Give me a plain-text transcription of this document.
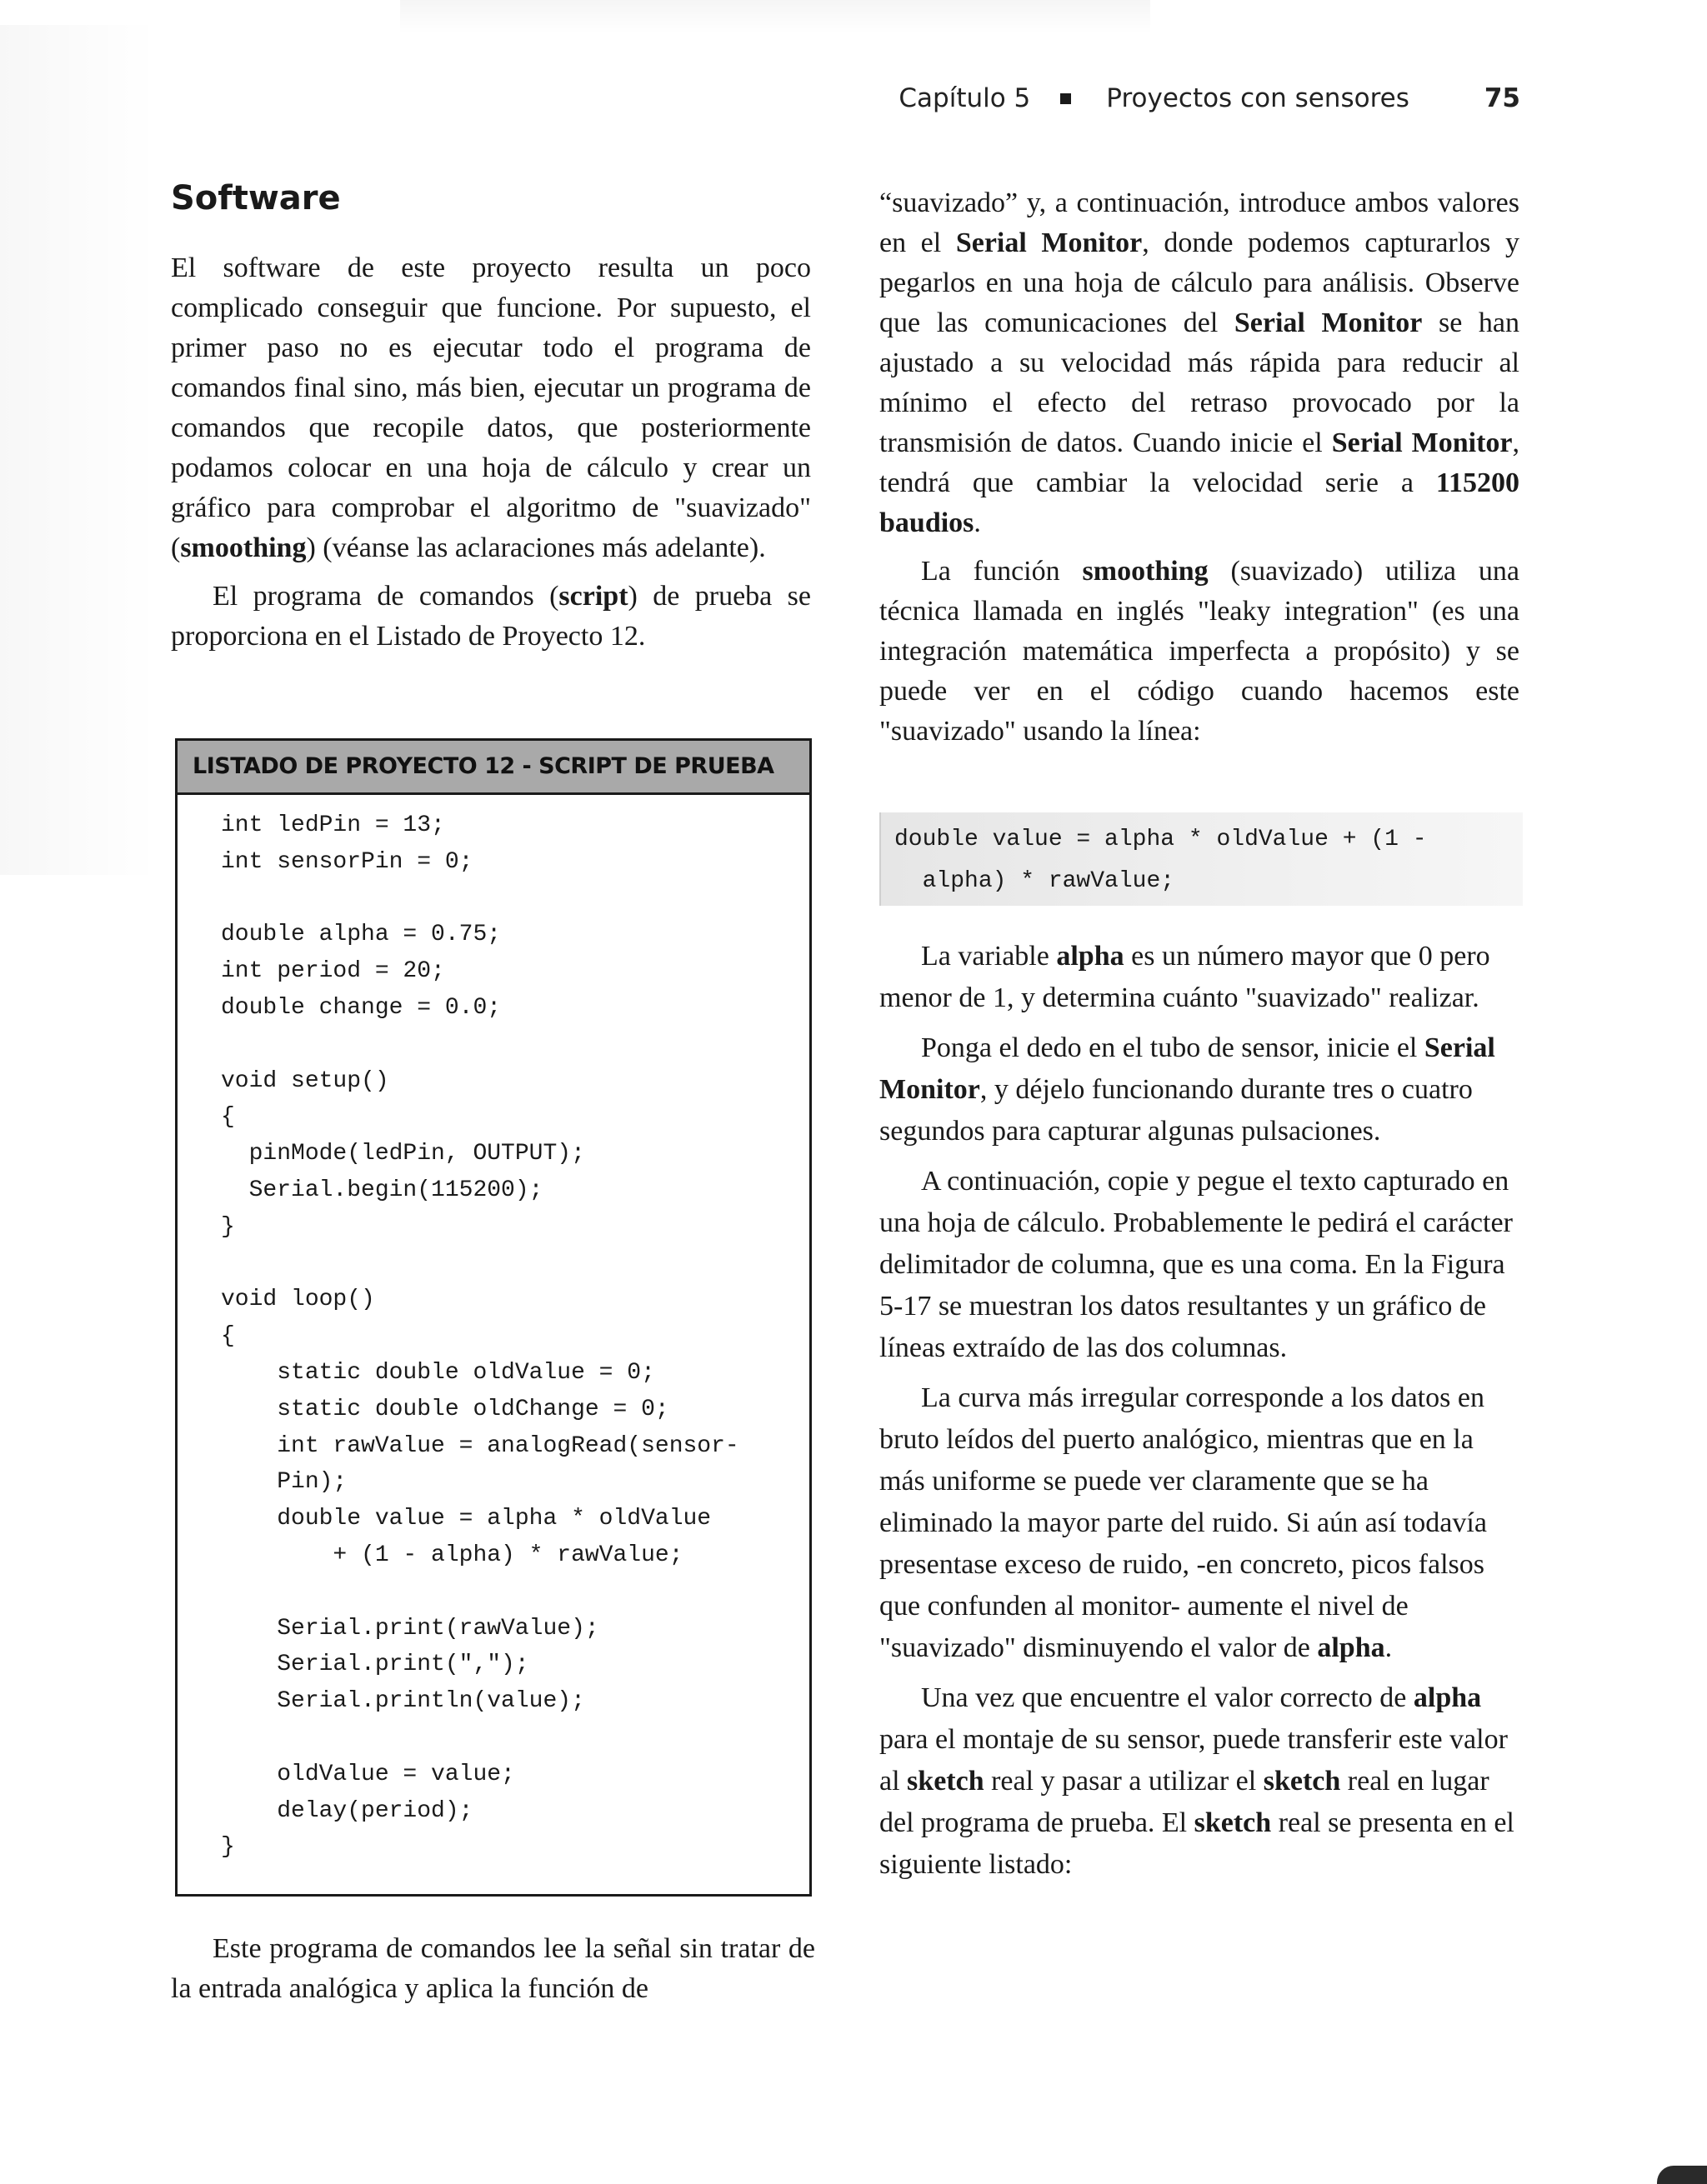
Capítulo 5	Proyectos con sensores	75
Software

El software de este proyecto resulta un poco complicado conseguir que funcione. Por supuesto, el primer paso no es ejecutar todo el programa de comandos final sino, más bien, ejecutar un programa de comandos que recopile datos, que posteriormente podamos colocar en una hoja de cálculo y crear un gráfico para comprobar el algoritmo de "suavizado" (smoothing) (véanse las aclaraciones más adelante).

El programa de comandos (script) de prueba se proporciona en el Listado de Proyecto 12.

LISTADO DE PROYECTO 12 - SCRIPT DE PRUEBA
int ledPin = 13;
int sensorPin = 0;

double alpha = 0.75;
int period = 20;
double change = 0.0;

void setup()
{
pinMode(ledPin, OUTPUT);
Serial.begin(115200);
}

void loop()
{
static double oldValue = 0;
static double oldChange = 0;
int rawValue = analogRead(sensor-
Pin);
double value = alpha * oldValue
+ (1 - alpha) * rawValue;

Serial.print(rawValue);
Serial.print(",");
Serial.println(value);

oldValue = value;
delay(period);
}

Este programa de comandos lee la señal sin tratar de la entrada analógica y aplica la función de

“suavizado” y, a continuación, introduce ambos valores en el Serial Monitor, donde podemos capturarlos y pegarlos en una hoja de cálculo para análisis. Observe que las comunicaciones del Serial Monitor se han ajustado a su velocidad más rápida para reducir al mínimo el efecto del retraso provocado por la transmisión de datos. Cuando inicie el Serial Monitor, tendrá que cambiar la velocidad serie a 115200 baudios.

La función smoothing (suavizado) utiliza una técnica llamada en inglés "leaky integration" (es una integración matemática imperfecta a propósito) y se puede ver en el código cuando hacemos este "suavizado" usando la línea:

double value = alpha * oldValue + (1 -
alpha) * rawValue;

La variable alpha es un número mayor que 0 pero menor de 1, y determina cuánto "suavizado" realizar.

Ponga el dedo en el tubo de sensor, inicie el Serial Monitor, y déjelo funcionando durante tres o cuatro segundos para capturar algunas pulsaciones.

A continuación, copie y pegue el texto capturado en una hoja de cálculo. Probablemente le pedirá el carácter delimitador de columna, que es una coma. En la Figura 5-17 se muestran los datos resultantes y un gráfico de líneas extraído de las dos columnas.

La curva más irregular corresponde a los datos en bruto leídos del puerto analógico, mientras que en la más uniforme se puede ver claramente que se ha eliminado la mayor parte del ruido. Si aún así todavía presentase exceso de ruido, -en concreto, picos falsos que confunden al monitor- aumente el nivel de "suavizado" disminuyendo el valor de alpha.

Una vez que encuentre el valor correcto de alpha para el montaje de su sensor, puede transferir este valor al sketch real y pasar a utilizar el sketch real en lugar del programa de prueba. El sketch real se presenta en el siguiente listado:
